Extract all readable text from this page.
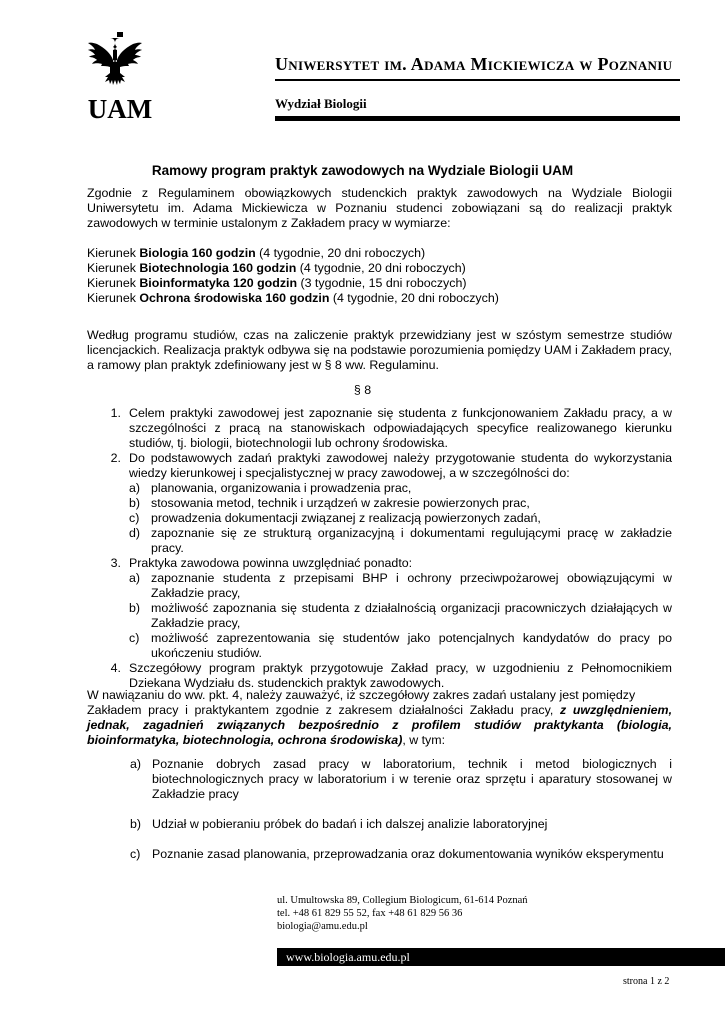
UAM
Uniwersytet im. Adama Mickiewicza w Poznaniu
Wydział Biologii
Ramowy program praktyk zawodowych na Wydziale Biologii UAM
Zgodnie z Regulaminem obowiązkowych studenckich praktyk zawodowych na Wydziale Biologii Uniwersytetu im. Adama Mickiewicza w Poznaniu studenci zobowiązani są do realizacji praktyk zawodowych w terminie ustalonym z Zakładem pracy w wymiarze:
Kierunek Biologia 160 godzin (4 tygodnie, 20 dni roboczych)
Kierunek Biotechnologia 160 godzin (4 tygodnie, 20 dni roboczych)
Kierunek Bioinformatyka 120 godzin (3 tygodnie, 15 dni roboczych)
Kierunek Ochrona środowiska 160 godzin (4 tygodnie, 20 dni roboczych)
Według programu studiów, czas na zaliczenie praktyk przewidziany jest w szóstym semestrze studiów licencjackich. Realizacja praktyk odbywa się na podstawie porozumienia pomiędzy UAM i Zakładem pracy, a ramowy plan praktyk zdefiniowany jest w § 8 ww. Regulaminu.
§ 8
1. Celem praktyki zawodowej jest zapoznanie się studenta z funkcjonowaniem Zakładu pracy, a w szczególności z pracą na stanowiskach odpowiadających specyfice realizowanego kierunku studiów, tj. biologii, biotechnologii lub ochrony środowiska.
2. Do podstawowych zadań praktyki zawodowej należy przygotowanie studenta do wykorzystania wiedzy kierunkowej i specjalistycznej w pracy zawodowej, a w szczególności do:
a) planowania, organizowania i prowadzenia prac,
b) stosowania metod, technik i urządzeń w zakresie powierzonych prac,
c) prowadzenia dokumentacji związanej z realizacją powierzonych zadań,
d) zapoznanie się ze strukturą organizacyjną i dokumentami regulującymi pracę w zakładzie pracy.
3. Praktyka zawodowa powinna uwzględniać ponadto:
a) zapoznanie studenta z przepisami BHP i ochrony przeciwpożarowej obowiązującymi w Zakładzie pracy,
b) możliwość zapoznania się studenta z działalnością organizacji pracowniczych działających w Zakładzie pracy,
c) możliwość zaprezentowania się studentów jako potencjalnych kandydatów do pracy po ukończeniu studiów.
4. Szczegółowy program praktyk przygotowuje Zakład pracy, w uzgodnieniu z Pełnomocnikiem Dziekana Wydziału ds. studenckich praktyk zawodowych.
W nawiązaniu do ww. pkt. 4, należy zauważyć, iż szczegółowy zakres zadań ustalany jest pomiędzy
Zakładem pracy i praktykantem zgodnie z zakresem działalności Zakładu pracy, z uwzględnieniem, jednak, zagadnień związanych bezpośrednio z profilem studiów praktykanta (biologia, bioinformatyka, biotechnologia, ochrona środowiska), w tym:
a) Poznanie dobrych zasad pracy w laboratorium, technik i metod biologicznych i biotechnologicznych pracy w laboratorium i w terenie oraz sprzętu i aparatury stosowanej w Zakładzie pracy
b) Udział w pobieraniu próbek do badań i ich dalszej analizie laboratoryjnej
c) Poznanie zasad planowania, przeprowadzania oraz dokumentowania wyników eksperymentu
ul. Umultowska 89, Collegium Biologicum, 61-614 Poznań
tel. +48 61 829 55 52, fax +48 61 829 56 36
biologia@amu.edu.pl
www.biologia.amu.edu.pl
strona 1 z 2
